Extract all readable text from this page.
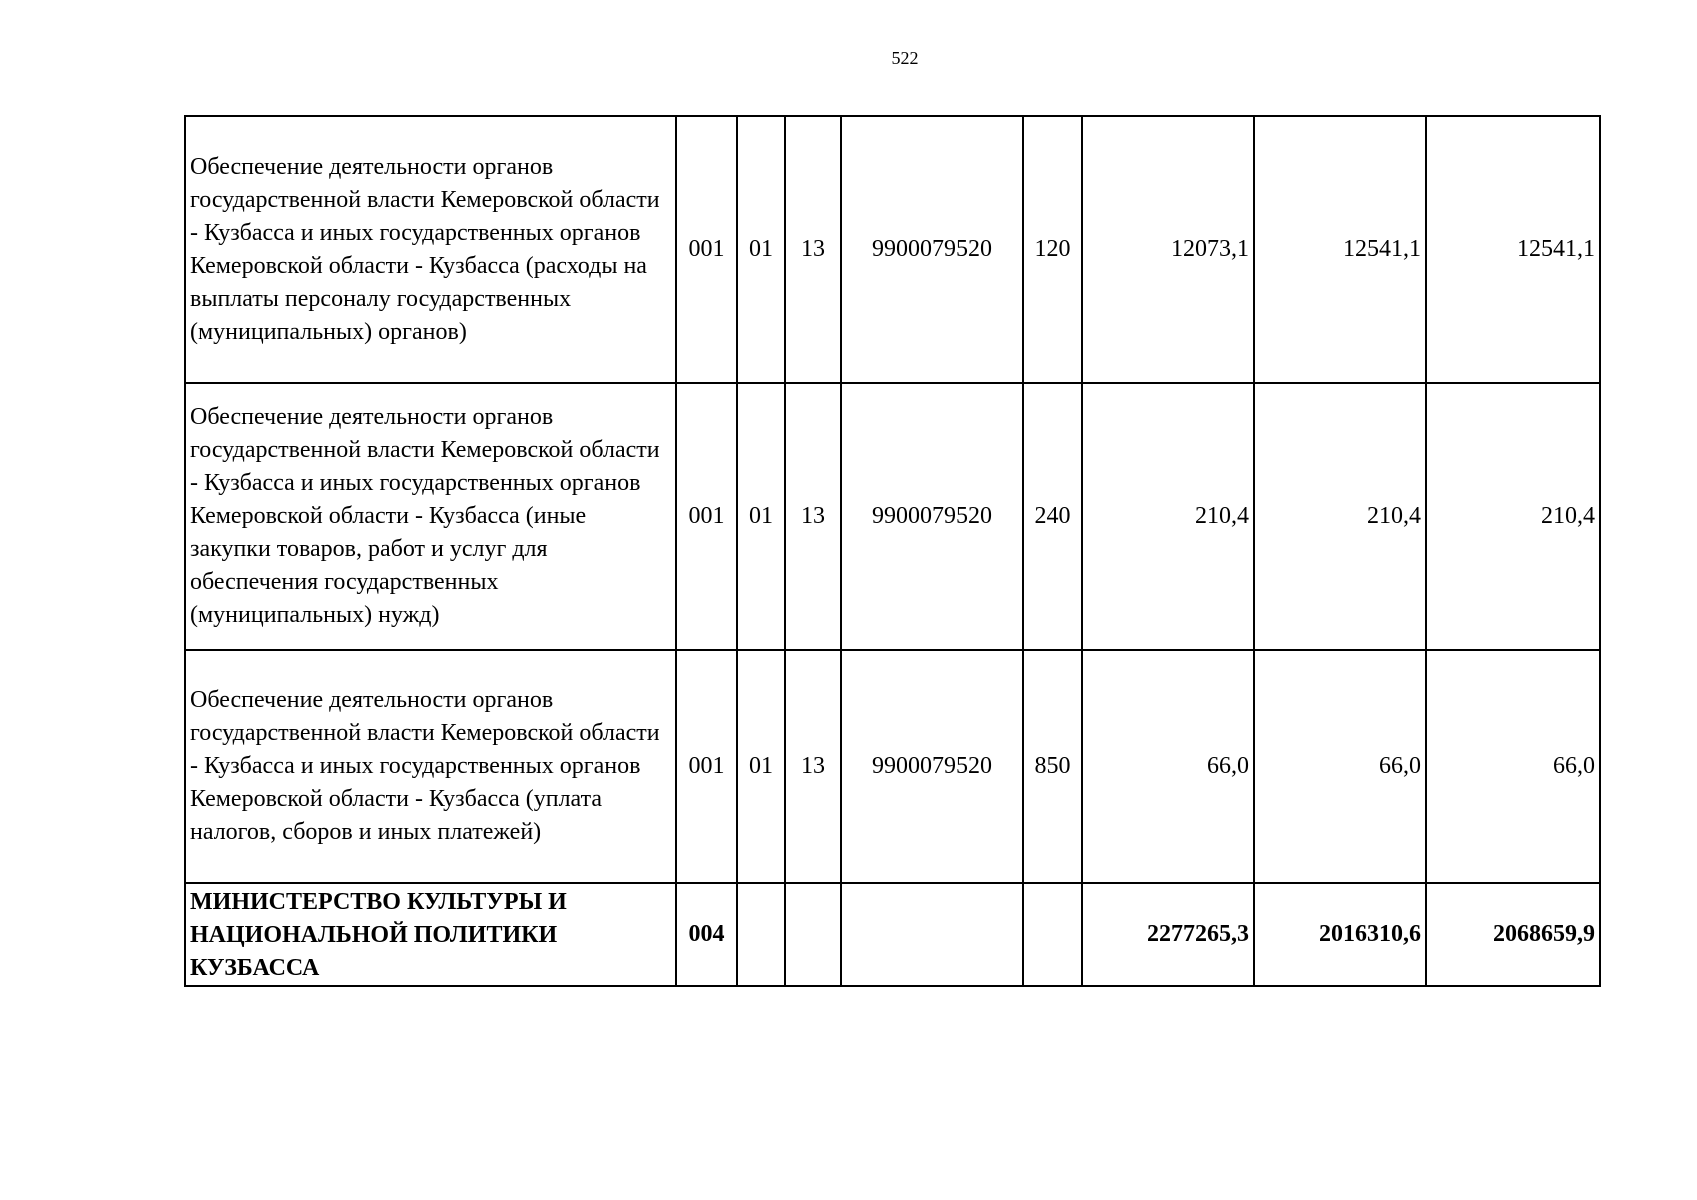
522
Обеспечение деятельности органов государственной власти Кемеровской области - Кузбасса и иных государственных органов Кемеровской области - Кузбасса (расходы на выплаты персоналу государственных (муниципальных) органов)	001	01	13	9900079520	120	12073,1	12541,1	12541,1
Обеспечение деятельности органов государственной власти Кемеровской области - Кузбасса и иных государственных органов Кемеровской области - Кузбасса (иные закупки товаров, работ и услуг для обеспечения государственных (муниципальных) нужд)	001	01	13	9900079520	240	210,4	210,4	210,4
Обеспечение деятельности органов государственной власти Кемеровской области - Кузбасса и иных государственных органов Кемеровской области - Кузбасса (уплата налогов, сборов и иных платежей)	001	01	13	9900079520	850	66,0	66,0	66,0
МИНИСТЕРСТВО КУЛЬТУРЫ И НАЦИОНАЛЬНОЙ ПОЛИТИКИ КУЗБАССА	004					2277265,3	2016310,6	2068659,9
